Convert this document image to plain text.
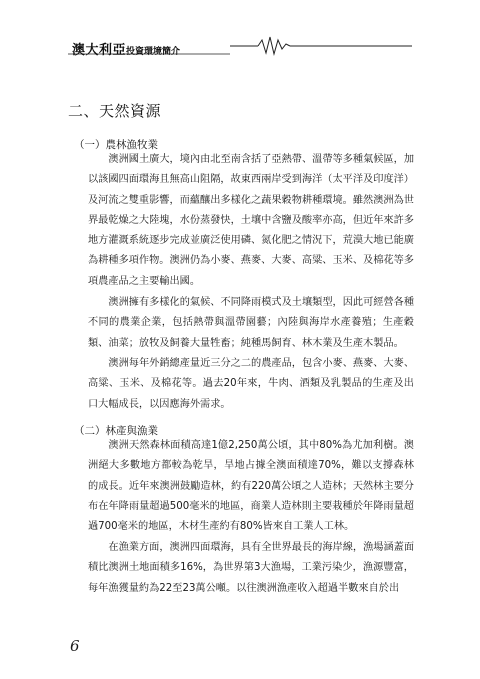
澳大利亞投資環境簡介
二、天然資源
（一）農林漁牧業

澳洲國土廣大，境內由北至南含括了亞熱帶、溫帶等多種氣候區，加以該國四面環海且無高山阻隔，故東西兩岸受到海洋（太平洋及印度洋）及河流之雙重影響，而蘊釀出多樣化之蔬果穀物耕種環境。雖然澳洲為世界最乾燥之大陸塊，水份蒸發快，土壤中含鹽及酸率亦高，但近年來許多地方灌溉系統逐步完成並廣泛使用磷、氮化肥之情況下，荒漠大地已能廣為耕種多項作物。澳洲仍為小麥、燕麥、大麥、高粱、玉米、及棉花等多項農產品之主要輸出國。

澳洲擁有多樣化的氣候、不同降雨模式及土壤類型，因此可經營各種不同的農業企業，包括熱帶與溫帶園藝；內陸與海岸水產養殖；生產穀類、油菜；放牧及飼養大量牲畜；純種馬飼育、林木業及生產木製品。

澳洲每年外銷總產量近三分之二的農產品，包含小麥、燕麥、大麥、高粱、玉米、及棉花等。過去20年來，牛肉、酒類及乳製品的生產及出口大幅成長，以因應海外需求。

（二）林產與漁業

澳洲天然森林面積高達1億2,250萬公頃，其中80%為尤加利樹。澳洲絕大多數地方都較為乾旱，旱地占據全澳面積達70%，難以支撐森林的成長。近年來澳洲鼓勵造林，約有220萬公頃之人造林；天然林主要分布在年降雨量超過500毫米的地區，商業人造林則主要栽種於年降雨量超過700毫米的地區，木材生產約有80%皆來自工業人工林。

在漁業方面，澳洲四面環海，具有全世界最長的海岸線，漁場涵蓋面積比澳洲土地面積多16%，為世界第3大漁場，工業污染少，漁源豐富，每年漁獲量約為22至23萬公噸。以往澳洲漁產收入超過半數來自於出

6
